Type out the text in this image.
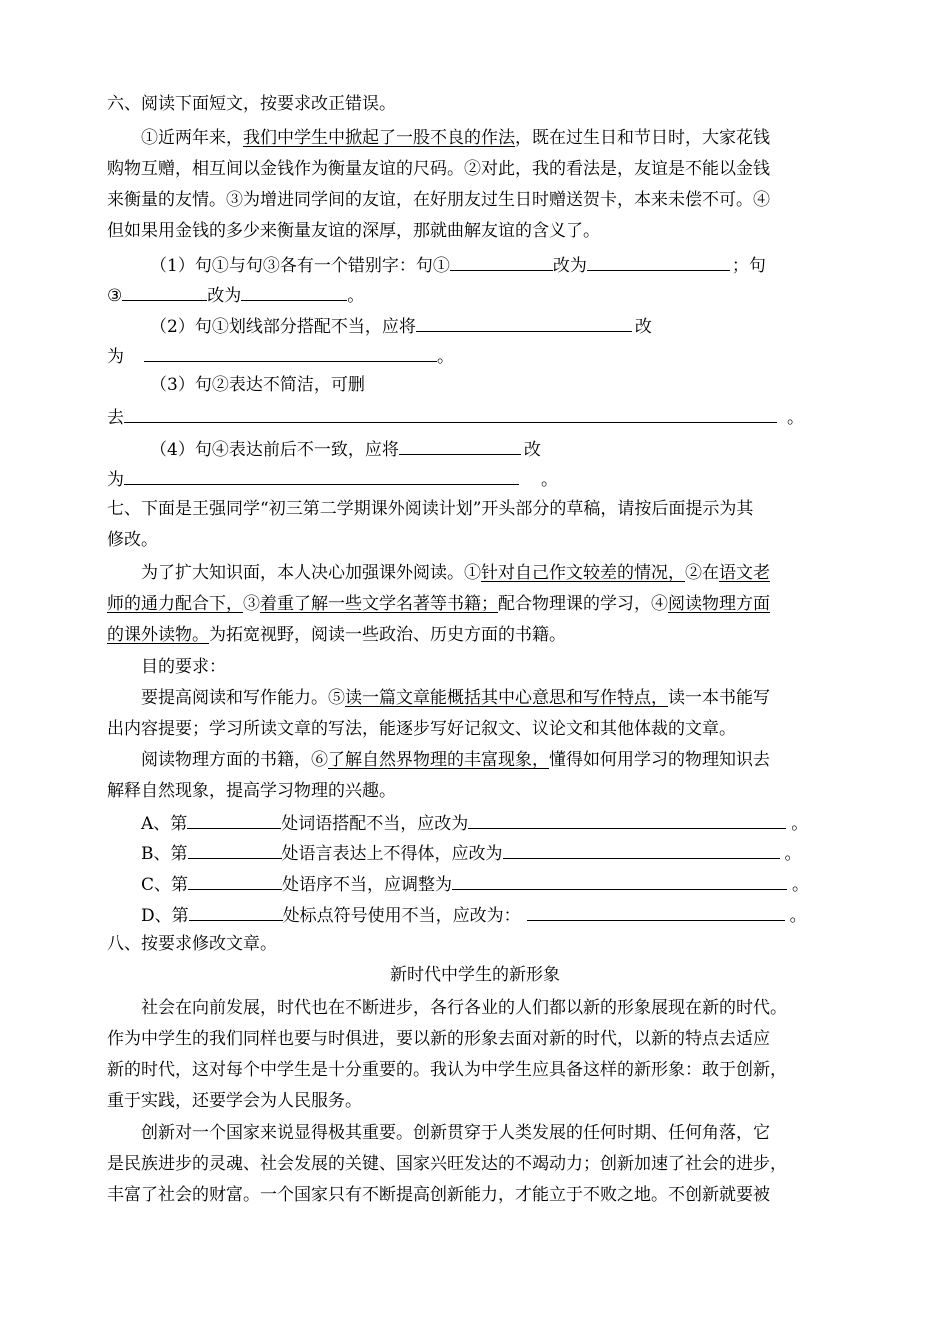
六、阅读下面短文，按要求改正错误。
①近两年来，我们中学生中掀起了一股不良的作法，既在过生日和节日时，大家花钱
购物互赠，相互间以金钱作为衡量友谊的尺码。②对此，我的看法是，友谊是不能以金钱
来衡量的友情。③为增进同学间的友谊，在好朋友过生日时赠送贺卡，本来未偿不可。④
但如果用金钱的多少来衡量友谊的深厚，那就曲解友谊的含义了。
（1）句①与句③各有一个错别字：句①	改为	；句
③	改为	。
（2）句①划线部分搭配不当，应将	改
为	。
（3）句②表达不简洁，可删
去	。
（4）句④表达前后不一致，应将	改
为	。
七、下面是王强同学“初三第二学期课外阅读计划”开头部分的草稿，请按后面提示为其
修改。
为了扩大知识面，本人决心加强课外阅读。①针对自己作文较差的情况，②在语文老
师的通力配合下，③着重了解一些文学名著等书籍；配合物理课的学习，④阅读物理方面
的课外读物。为拓宽视野，阅读一些政治、历史方面的书籍。
目的要求：
要提高阅读和写作能力。⑤读一篇文章能概括其中心意思和写作特点，读一本书能写
出内容提要；学习所读文章的写法，能逐步写好记叙文、议论文和其他体裁的文章。
阅读物理方面的书籍，⑥了解自然界物理的丰富现象，懂得如何用学习的物理知识去
解释自然现象，提高学习物理的兴趣。
A、第	处词语搭配不当，应改为	。
B、第	处语言表达上不得体，应改为	。
C、第	处语序不当，应调整为	。
D、第	处标点符号使用不当，应改为：	。
八、按要求修改文章。
新时代中学生的新形象
社会在向前发展，时代也在不断进步，各行各业的人们都以新的形象展现在新的时代。
作为中学生的我们同样也要与时俱进，要以新的形象去面对新的时代，以新的特点去适应
新的时代，这对每个中学生是十分重要的。我认为中学生应具备这样的新形象：敢于创新，
重于实践，还要学会为人民服务。
创新对一个国家来说显得极其重要。创新贯穿于人类发展的任何时期、任何角落，它
是民族进步的灵魂、社会发展的关键、国家兴旺发达的不竭动力；创新加速了社会的进步，
丰富了社会的财富。一个国家只有不断提高创新能力，才能立于不败之地。不创新就要被
